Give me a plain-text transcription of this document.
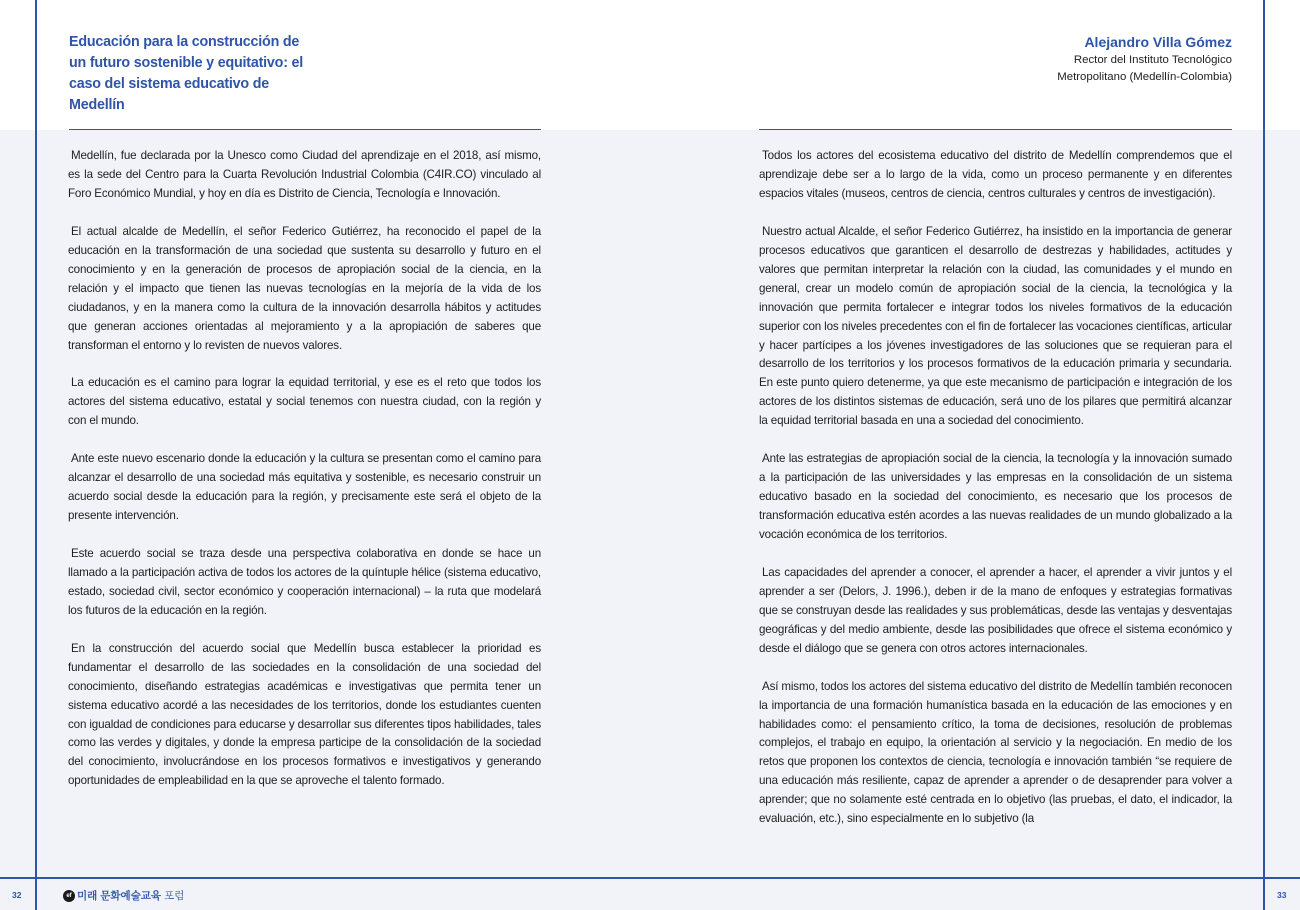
Educación para la construcción de un futuro sostenible y equitativo: el caso del sistema educativo de Medellín
Alejandro Villa Gómez
Rector del Instituto Tecnológico
Metropolitano (Medellín-Colombia)

Medellín, fue declarada por la Unesco como Ciudad del aprendizaje en el 2018, así mismo, es la sede del Centro para la Cuarta Revolución Industrial Colombia (C4IR.CO) vinculado al Foro Económico Mundial, y hoy en día es Distrito de Ciencia, Tecnología e Innovación.

El actual alcalde de Medellín, el señor Federico Gutiérrez, ha reconocido el papel de la educación en la transformación de una sociedad que sustenta su desarrollo y futuro en el conocimiento y en la generación de procesos de apropiación social de la ciencia, en la relación y el impacto que tienen las nuevas tecnologías en la mejoría de la vida de los ciudadanos, y en la manera como la cultura de la innovación desarrolla hábitos y actitudes que generan acciones orientadas al mejoramiento y a la apropiación de saberes que transforman el entorno y lo revisten de nuevos valores.

La educación es el camino para lograr la equidad territorial, y ese es el reto que todos los actores del sistema educativo, estatal y social tenemos con nuestra ciudad, con la región y con el mundo.

Ante este nuevo escenario donde la educación y la cultura se presentan como el camino para alcanzar el desarrollo de una sociedad más equitativa y sostenible, es necesario construir un acuerdo social desde la educación para la región, y precisamente este será el objeto de la presente intervención.

Este acuerdo social se traza desde una perspectiva colaborativa en donde se hace un llamado a la participación activa de todos los actores de la quíntuple hélice (sistema educativo, estado, sociedad civil, sector económico y cooperación internacional) – la ruta que modelará los futuros de la educación en la región.

En la construcción del acuerdo social que Medellín busca establecer la prioridad es fundamentar el desarrollo de las sociedades en la consolidación de una sociedad del conocimiento, diseñando estrategias académicas e investigativas que permita tener un sistema educativo acordé a las necesidades de los territorios, donde los estudiantes cuenten con igualdad de condiciones para educarse y desarrollar sus diferentes tipos habilidades, tales como las verdes y digitales, y donde la empresa participe de la consolidación de la sociedad del conocimiento, involucrándose en los procesos formativos e investigativos y generando oportunidades de empleabilidad en la que se aproveche el talento formado.

Todos los actores del ecosistema educativo del distrito de Medellín comprendemos que el aprendizaje debe ser a lo largo de la vida, como un proceso permanente y en diferentes espacios vitales (museos, centros de ciencia, centros culturales y centros de investigación).

Nuestro actual Alcalde, el señor Federico Gutiérrez, ha insistido en la importancia de generar procesos educativos que garanticen el desarrollo de destrezas y habilidades, actitudes y valores que permitan interpretar la relación con la ciudad, las comunidades y el mundo en general, crear un modelo común de apropiación social de la ciencia, la tecnológica y la innovación que permita fortalecer e integrar todos los niveles formativos de la educación superior con los niveles precedentes con el fin de fortalecer las vocaciones científicas, articular y hacer partícipes a los jóvenes investigadores de las soluciones que se requieran para el desarrollo de los territorios y los procesos formativos de la educación primaria y secundaria. En este punto quiero detenerme, ya que este mecanismo de participación e integración de los actores de los distintos sistemas de educación, será uno de los pilares que permitirá alcanzar la equidad territorial basada en una a sociedad del conocimiento.

Ante las estrategias de apropiación social de la ciencia, la tecnología y la innovación sumado a la participación de las universidades y las empresas en la consolidación de un sistema educativo basado en la sociedad del conocimiento, es necesario que los procesos de transformación educativa estén acordes a las nuevas realidades de un mundo globalizado a la vocación económica de los territorios.

Las capacidades del aprender a conocer, el aprender a hacer, el aprender a vivir juntos y el aprender a ser (Delors, J. 1996.), deben ir de la mano de enfoques y estrategias formativas que se construyan desde las realidades y sus problemáticas, desde las ventajas y desventajas geográficas y del medio ambiente, desde las posibilidades que ofrece el sistema económico y desde el diálogo que se genera con otros actores internacionales.

Así mismo, todos los actores del sistema educativo del distrito de Medellín también reconocen la importancia de una formación humanística basada en la educación de las emociones y en habilidades como: el pensamiento crítico, la toma de decisiones, resolución de problemas complejos, el trabajo en equipo, la orientación al servicio y la negociación. En medio de los retos que proponen los contextos de ciencia, tecnología e innovación también “se requiere de una educación más resiliente, capaz de aprender a aprender o de desaprender para volver a aprender; que no solamente esté centrada en lo objetivo (las pruebas, el dato, el indicador, la evaluación, etc.), sino especialmente en lo subjetivo (la

32	33
ef 미래 문화예술교육 포럼
